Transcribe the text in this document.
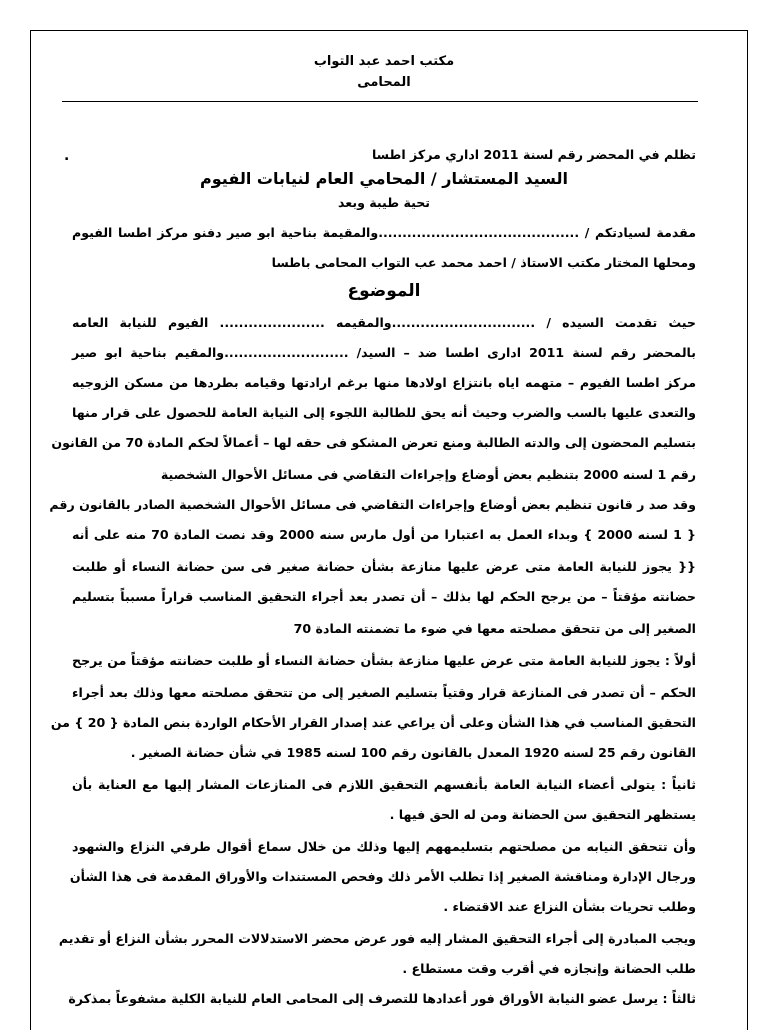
مكتب احمد عبد التواب
المحامى
.	تظلم في المحضر رقم لسنة 2011 اداري مركز اطسا
السيد المستشار / المحامي العام لنيابات الفيوم
تحية طيبة وبعد
مقدمة لسيادتكم / ..........................................والمقيمة بناحية ابو صير دفنو مركز اطسا الفيوم
ومحلها المختار مكتب الاستاذ / احمد محمد عب التواب المحامى باطسا
الموضوع
حيث تقدمت السيده / ..............................والمقيمه ...................... الفيوم للنيابة العامه
بالمحضر رقم لسنة 2011 ادارى اطسا ضد – السيد/ ..........................والمقيم بناحية ابو صير
مركز اطسا الفيوم – متهمه اياه بانتزاع اولادها منها برغم ارادتها وقيامه بطردها من مسكن الزوجيه
والتعدى عليها بالسب والضرب وحيث أنه يحق للطالبة اللجوء إلى النيابة العامة للحصول على قرار منها
بتسليم المحضون إلى والدته الطالبة ومنع تعرض المشكو فى حقه لها – أعمالاً لحكم المادة 70 من القانون
رقم 1 لسنه 2000 بتنظيم بعض أوضاع وإجراءات التقاضي فى مسائل الأحوال الشخصية
وقد صد ر قانون تنظيم بعض أوضاع وإجراءات التقاضي فى مسائل الأحوال الشخصية الصادر بالقانون رقم
{ 1 لسنه 2000 } وبداء العمل به اعتبارا من أول مارس سنه 2000 وقد نصت المادة 70 منه على أنه
{{ يجوز للنيابة العامة متى عرض عليها منازعة بشأن حضانة صغير فى سن حضانة النساء أو طلبت
حضانته مؤقتاً – من يرجح الحكم لها بذلك – أن تصدر بعد أجراء التحقيق المناسب قراراً مسبباً بتسليم
الصغير إلى من تتحقق مصلحته معها في ضوء ما تضمنته المادة 70
أولاً : يجوز للنيابة العامة متى عرض عليها منازعة بشأن حضانة النساء أو طلبت حضانته مؤقتاً من يرجح
الحكم – أن تصدر فى المنازعة قرار وقتياً بتسليم الصغير إلى من تتحقق مصلحته معها وذلك بعد أجراء
التحقيق المناسب في هذا الشأن وعلى أن يراعي عند إصدار القرار الأحكام الواردة بنص المادة { 20 } من
القانون رقم 25 لسنه 1920 المعدل بالقانون رقم 100 لسنه 1985 في شأن حضانة الصغير .
ثانياً : يتولى أعضاء النيابة العامة بأنفسهم التحقيق اللازم فى المنازعات المشار إليها مع العناية بأن
يستظهر التحقيق سن الحضانة ومن له الحق فيها .
وأن تتحقق النيابه من مصلحتهم بتسليمههم إليها وذلك من خلال سماع أقوال طرفي النزاع والشهود
ورجال الإدارة ومناقشة الصغير إذا تطلب الأمر ذلك وفحص المستندات والأوراق المقدمة فى هذا الشأن
وطلب تحريات بشأن النزاع عند الاقتضاء .
ويجب المبادرة إلى أجراء التحقيق المشار إليه فور عرض محضر الاستدلالات المحرر بشأن النزاع أو تقديم
طلب الحضانة وإنجازه في أقرب وقت مستطاع .
ثالثاً : يرسل عضو النيابة الأوراق فور أعدادها للتصرف إلى المحامى العام للنيابة الكلية مشفوعاً بمذكرة
